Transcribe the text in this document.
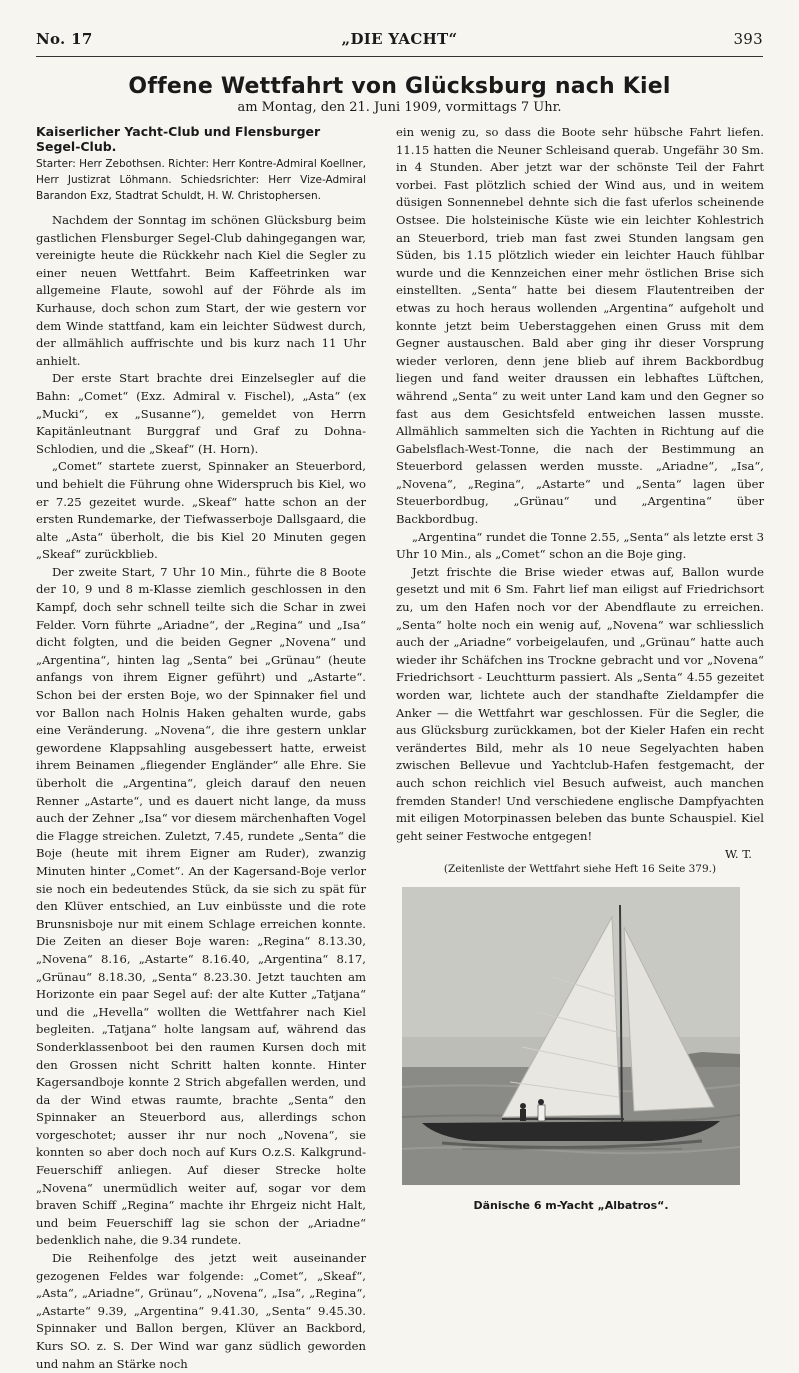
No. 17	„DIE YACHT“	393
Offene Wettfahrt von Glücksburg nach Kiel
am Montag, den 21. Juni 1909, vormittags 7 Uhr.

Kaiserlicher Yacht-Club und Flensburger Segel-Club.

Starter: Herr Zebothsen. Richter: Herr Kontre-Admiral Koellner, Herr Justizrat Löhmann. Schiedsrichter: Herr Vize-Admiral Barandon Exz, Stadtrat Schuldt, H. W. Christophersen.

Nachdem der Sonntag im schönen Glücksburg beim gastlichen Flensburger Segel-Club dahingegangen war, vereinigte heute die Rückkehr nach Kiel die Segler zu einer neuen Wettfahrt. Beim Kaffeetrinken war allgemeine Flaute, sowohl auf der Föhrde als im Kurhause, doch schon zum Start, der wie gestern vor dem Winde stattfand, kam ein leichter Südwest durch, der allmählich auffrischte und bis kurz nach 11 Uhr anhielt.

Der erste Start brachte drei Einzelsegler auf die Bahn: „Comet“ (Exz. Admiral v. Fischel), „Asta“ (ex „Mucki“, ex „Susanne“), gemeldet von Herrn Kapitänleutnant Burggraf und Graf zu Dohna-Schlodien, und die „Skeaf“ (H. Horn).

„Comet“ startete zuerst, Spinnaker an Steuerbord, und behielt die Führung ohne Widerspruch bis Kiel, wo er 7.25 gezeitet wurde. „Skeaf“ hatte schon an der ersten Rundemarke, der Tiefwasserboje Dallsgaard, die alte „Asta“ überholt, die bis Kiel 20 Minuten gegen „Skeaf“ zurückblieb.

Der zweite Start, 7 Uhr 10 Min., führte die 8 Boote der 10, 9 und 8 m-Klasse ziemlich geschlossen in den Kampf, doch sehr schnell teilte sich die Schar in zwei Felder. Vorn führte „Ariadne“, der „Regina“ und „Isa“ dicht folgten, und die beiden Gegner „Novena“ und „Argentina“, hinten lag „Senta“ bei „Grünau“ (heute anfangs von ihrem Eigner geführt) und „Astarte“. Schon bei der ersten Boje, wo der Spinnaker fiel und vor Ballon nach Holnis Haken gehalten wurde, gabs eine Veränderung. „Novena“, die ihre gestern unklar gewordene Klappsahling ausgebessert hatte, erweist ihrem Beinamen „fliegender Engländer“ alle Ehre. Sie überholt die „Argentina“, gleich darauf den neuen Renner „Astarte“, und es dauert nicht lange, da muss auch der Zehner „Isa“ vor diesem märchenhaften Vogel die Flagge streichen. Zuletzt, 7.45, rundete „Senta“ die Boje (heute mit ihrem Eigner am Ruder), zwanzig Minuten hinter „Comet“. An der Kagersand-Boje verlor sie noch ein bedeutendes Stück, da sie sich zu spät für den Klüver entschied, an Luv einbüsste und die rote Brunsnisboje nur mit einem Schlage erreichen konnte. Die Zeiten an dieser Boje waren: „Regina“ 8.13.30, „Novena“ 8.16, „Astarte“ 8.16.40, „Argentina“ 8.17, „Grünau“ 8.18.30, „Senta“ 8.23.30. Jetzt tauchten am Horizonte ein paar Segel auf: der alte Kutter „Tatjana“ und die „Hevella“ wollten die Wettfahrer nach Kiel begleiten. „Tatjana“ holte langsam auf, während das Sonderklassenboot bei den raumen Kursen doch mit den Grossen nicht Schritt halten konnte. Hinter Kagersandboje konnte 2 Strich abgefallen werden, und da der Wind etwas raumte, brachte „Senta“ den Spinnaker an Steuerbord aus, allerdings schon vorgeschotet; ausser ihr nur noch „Novena“, sie konnten so aber doch noch auf Kurs O.z.S. Kalkgrund-Feuerschiff anliegen. Auf dieser Strecke holte „Novena“ unermüdlich weiter auf, sogar vor dem braven Schiff „Regina“ machte ihr Ehrgeiz nicht Halt, und beim Feuerschiff lag sie schon der „Ariadne“ bedenklich nahe, die 9.34 rundete.

Die Reihenfolge des jetzt weit auseinander gezogenen Feldes war folgende: „Comet“, „Skeaf“, „Asta“, „Ariadne“, Grünau“, „Novena“, „Isa“, „Regina“, „Astarte“ 9.39, „Argentina“ 9.41.30, „Senta“ 9.45.30. Spinnaker und Ballon bergen, Klüver an Backbord, Kurs SO. z. S. Der Wind war ganz südlich geworden und nahm an Stärke noch

ein wenig zu, so dass die Boote sehr hübsche Fahrt liefen. 11.15 hatten die Neuner Schleisand querab. Ungefähr 30 Sm. in 4 Stunden. Aber jetzt war der schönste Teil der Fahrt vorbei. Fast plötzlich schied der Wind aus, und in weitem düsigen Sonnennebel dehnte sich die fast uferlos scheinende Ostsee. Die holsteinische Küste wie ein leichter Kohlestrich an Steuerbord, trieb man fast zwei Stunden langsam gen Süden, bis 1.15 plötzlich wieder ein leichter Hauch fühlbar wurde und die Kennzeichen einer mehr östlichen Brise sich einstellten. „Senta“ hatte bei diesem Flautentreiben der etwas zu hoch heraus wollenden „Argentina“ aufgeholt und konnte jetzt beim Ueberstaggehen einen Gruss mit dem Gegner austauschen. Bald aber ging ihr dieser Vorsprung wieder verloren, denn jene blieb auf ihrem Backbordbug liegen und fand weiter draussen ein lebhaftes Lüftchen, während „Senta“ zu weit unter Land kam und den Gegner so fast aus dem Gesichtsfeld entweichen lassen musste. Allmählich sammelten sich die Yachten in Richtung auf die Gabelsflach-West-Tonne, die nach der Bestimmung an Steuerbord gelassen werden musste. „Ariadne“, „Isa“, „Novena“, „Regina“, „Astarte“ und „Senta“ lagen über Steuerbordbug, „Grünau“ und „Argentina“ über Backbordbug.

„Argentina“ rundet die Tonne 2.55, „Senta“ als letzte erst 3 Uhr 10 Min., als „Comet“ schon an die Boje ging.

Jetzt frischte die Brise wieder etwas auf, Ballon wurde gesetzt und mit 6 Sm. Fahrt lief man eiligst auf Friedrichsort zu, um den Hafen noch vor der Abendflaute zu erreichen. „Senta“ holte noch ein wenig auf, „Novena“ war schliesslich auch der „Ariadne“ vorbeigelaufen, und „Grünau“ hatte auch wieder ihr Schäfchen ins Trockne gebracht und vor „Novena“ Friedrichsort - Leuchtturm passiert. Als „Senta“ 4.55 gezeitet worden war, lichtete auch der standhafte Zieldampfer die Anker — die Wettfahrt war geschlossen. Für die Segler, die aus Glücksburg zurückkamen, bot der Kieler Hafen ein recht verändertes Bild, mehr als 10 neue Segelyachten haben zwischen Bellevue und Yachtclub-Hafen festgemacht, der auch schon reichlich viel Besuch aufweist, auch manchen fremden Stander! Und verschiedene englische Dampfyachten mit eiligen Motorpinassen beleben das bunte Schauspiel. Kiel geht seiner Festwoche entgegen!

W. T.

(Zeitenliste der Wettfahrt siehe Heft 16 Seite 379.)

Dänische 6 m-Yacht „Albatros“.
